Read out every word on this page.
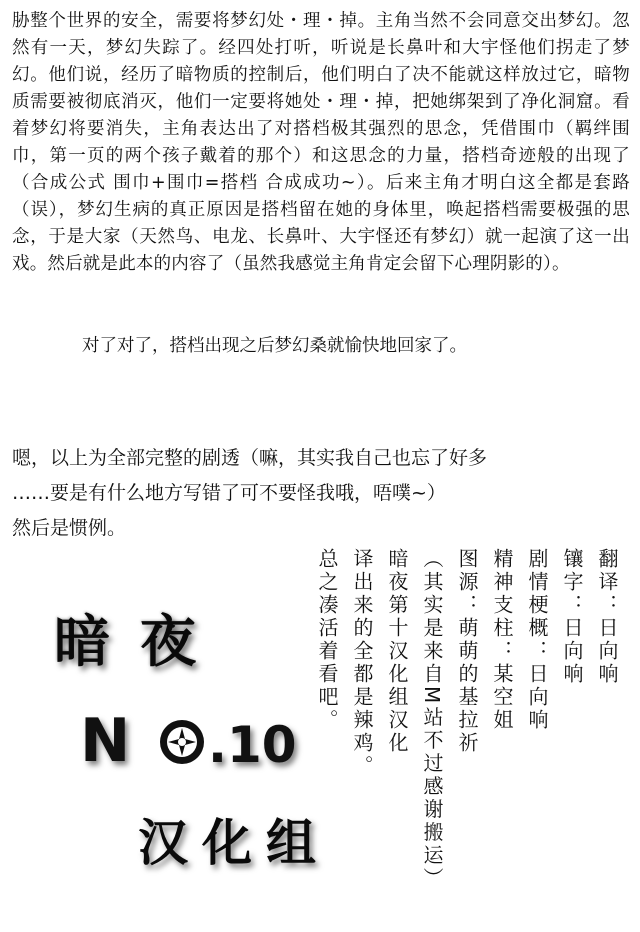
胁整个世界的安全，需要将梦幻处・理・掉。主角当然不会同意交出梦幻。忽然有一天，梦幻失踪了。经四处打听，听说是长鼻叶和大宇怪他们拐走了梦幻。他们说，经历了暗物质的控制后，他们明白了决不能就这样放过它，暗物质需要被彻底消灭，他们一定要将她处・理・掉，把她绑架到了净化洞窟。看着梦幻将要消失，主角表达出了对搭档极其强烈的思念，凭借围巾（羁绊围巾，第一页的两个孩子戴着的那个）和这思念的力量，搭档奇迹般的出现了（合成公式 围巾+围巾=搭档 合成成功~）。后来主角才明白这全都是套路（误），梦幻生病的真正原因是搭档留在她的身体里，唤起搭档需要极强的思念，于是大家（天然鸟、电龙、长鼻叶、大宇怪还有梦幻）就一起演了这一出戏。然后就是此本的内容了（虽然我感觉主角肯定会留下心理阴影的）。

对了对了，搭档出现之后梦幻桑就愉快地回家了。

嗯，以上为全部完整的剧透（嘛，其实我自己也忘了好多
……要是有什么地方写错了可不要怪我哦，唔噗~）
然后是惯例。
暗夜
N .10
汉化组
翻译：日向响
镶字：日向响
剧情梗概：日向响
精神支柱：某空姐
图源：萌萌的基拉祈
（其实是来自M站不过感谢搬运）
暗夜第十汉化组汉化
译出来的全都是辣鸡。
总之凑活着看吧。
